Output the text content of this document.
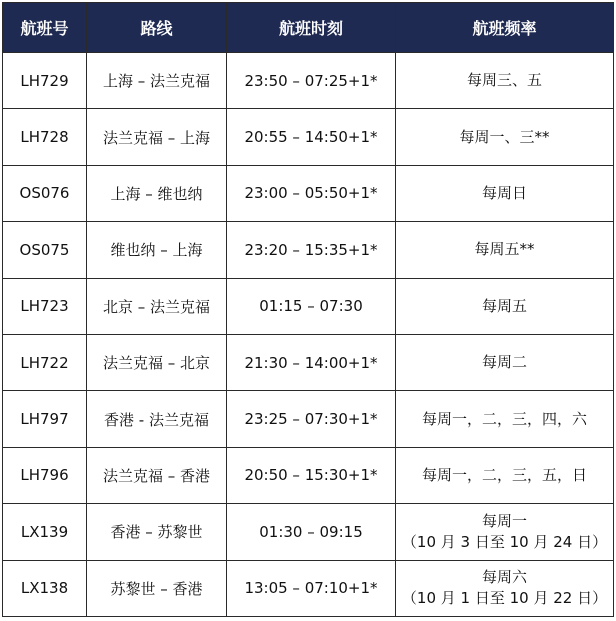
航班号	路线	航班时刻	航班频率
LH729	上海 – 法兰克福	23:50 – 07:25+1*	每周三、五

LH728	法兰克福 – 上海	20:55 – 14:50+1*	每周一、三**

OS076	上海 – 维也纳	23:00 – 05:50+1*	每周日

OS075	维也纳 – 上海	23:20 – 15:35+1*	每周五**

LH723	北京 – 法兰克福	01:15 – 07:30	每周五

LH722	法兰克福 – 北京	21:30 – 14:00+1*	每周二

LH797	香港 - 法兰克福	23:25 – 07:30+1*	每周一，二，三，四，六

LH796	法兰克福 – 香港	20:50 – 15:30+1*	每周一，二，三，五，日

LX139	香港 – 苏黎世	01:30 – 09:15	每周一
（10 月 3 日至 10 月 24 日）

LX138	苏黎世 – 香港	13:05 – 07:10+1*	每周六
（10 月 1 日至 10 月 22 日）
